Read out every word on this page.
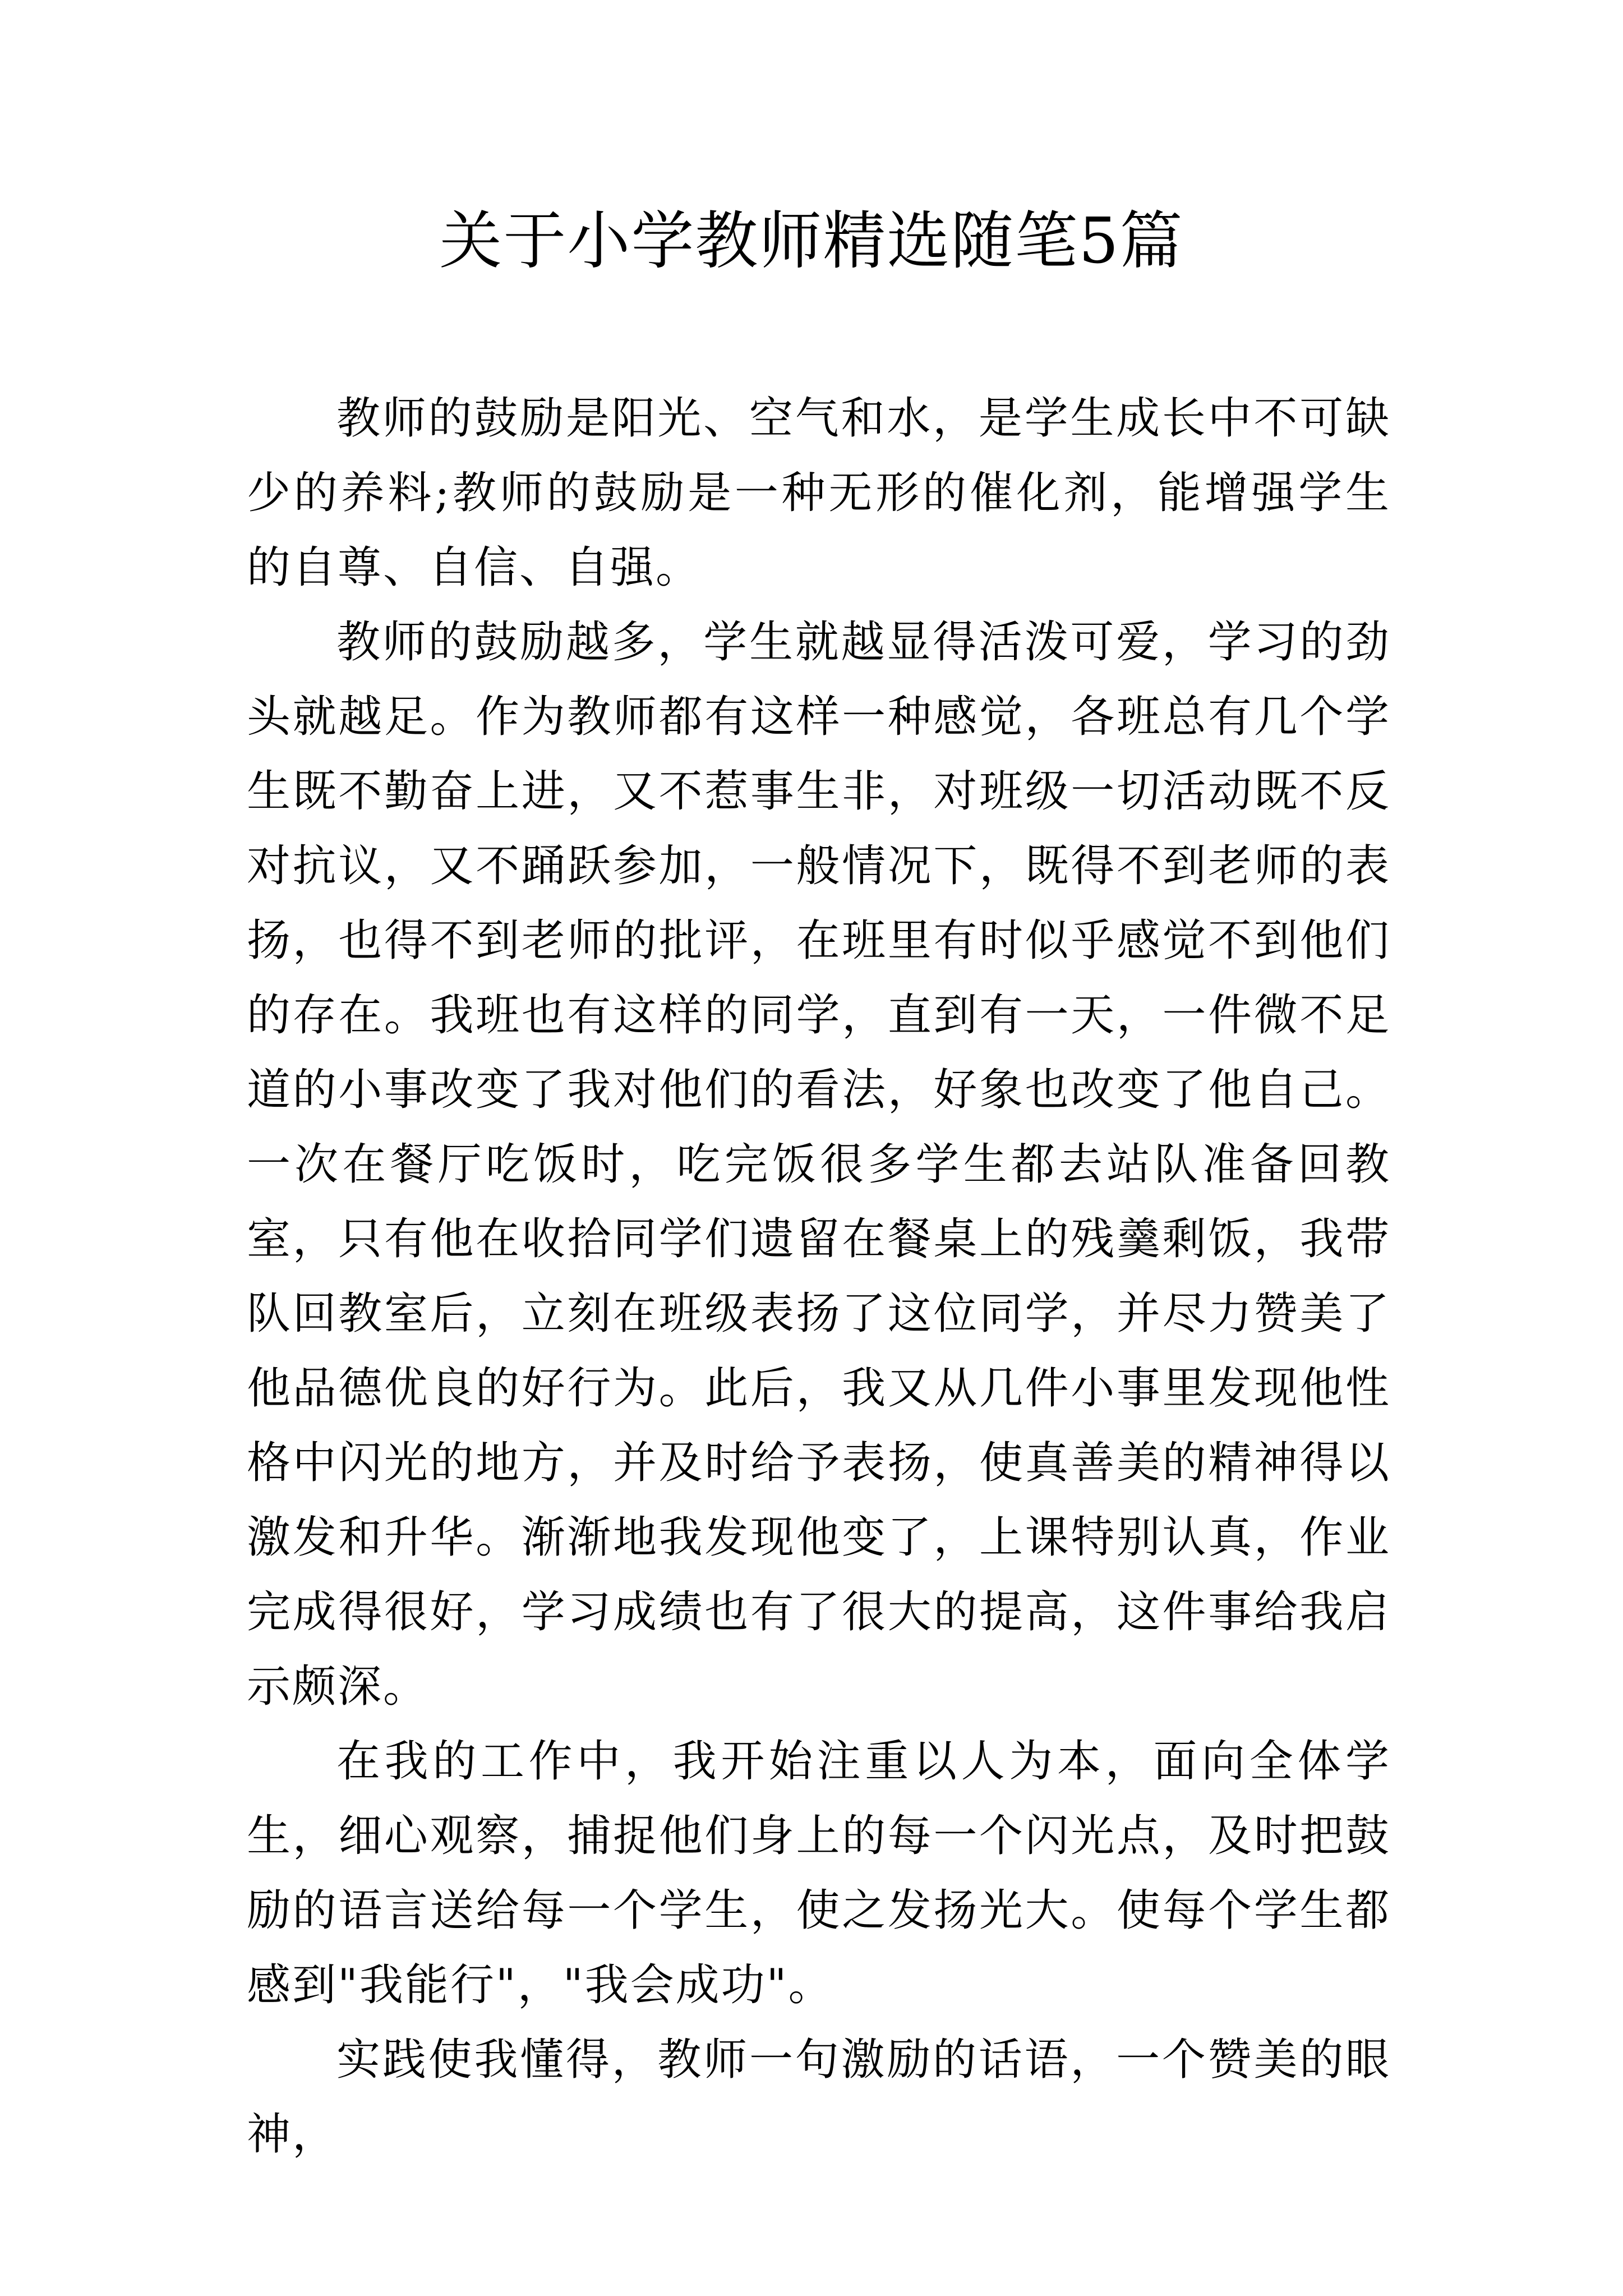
关于小学教师精选随笔5篇

教师的鼓励是阳光、空气和水，是学生成长中不可缺少的养料;教师的鼓励是一种无形的催化剂，能增强学生的自尊、自信、自强。

教师的鼓励越多，学生就越显得活泼可爱，学习的劲头就越足。作为教师都有这样一种感觉，各班总有几个学生既不勤奋上进，又不惹事生非，对班级一切活动既不反对抗议，又不踊跃参加，一般情况下，既得不到老师的表扬，也得不到老师的批评，在班里有时似乎感觉不到他们的存在。我班也有这样的同学，直到有一天，一件微不足道的小事改变了我对他们的看法，好象也改变了他自己。一次在餐厅吃饭时，吃完饭很多学生都去站队准备回教室，只有他在收拾同学们遗留在餐桌上的残羹剩饭，我带队回教室后，立刻在班级表扬了这位同学，并尽力赞美了他品德优良的好行为。此后，我又从几件小事里发现他性格中闪光的地方，并及时给予表扬，使真善美的精神得以激发和升华。渐渐地我发现他变了，上课特别认真，作业完成得很好，学习成绩也有了很大的提高，这件事给我启示颇深。

在我的工作中，我开始注重以人为本，面向全体学生，细心观察，捕捉他们身上的每一个闪光点，及时把鼓励的语言送给每一个学生，使之发扬光大。使每个学生都感到"我能行"，"我会成功"。

实践使我懂得，教师一句激励的话语，一个赞美的眼神，
